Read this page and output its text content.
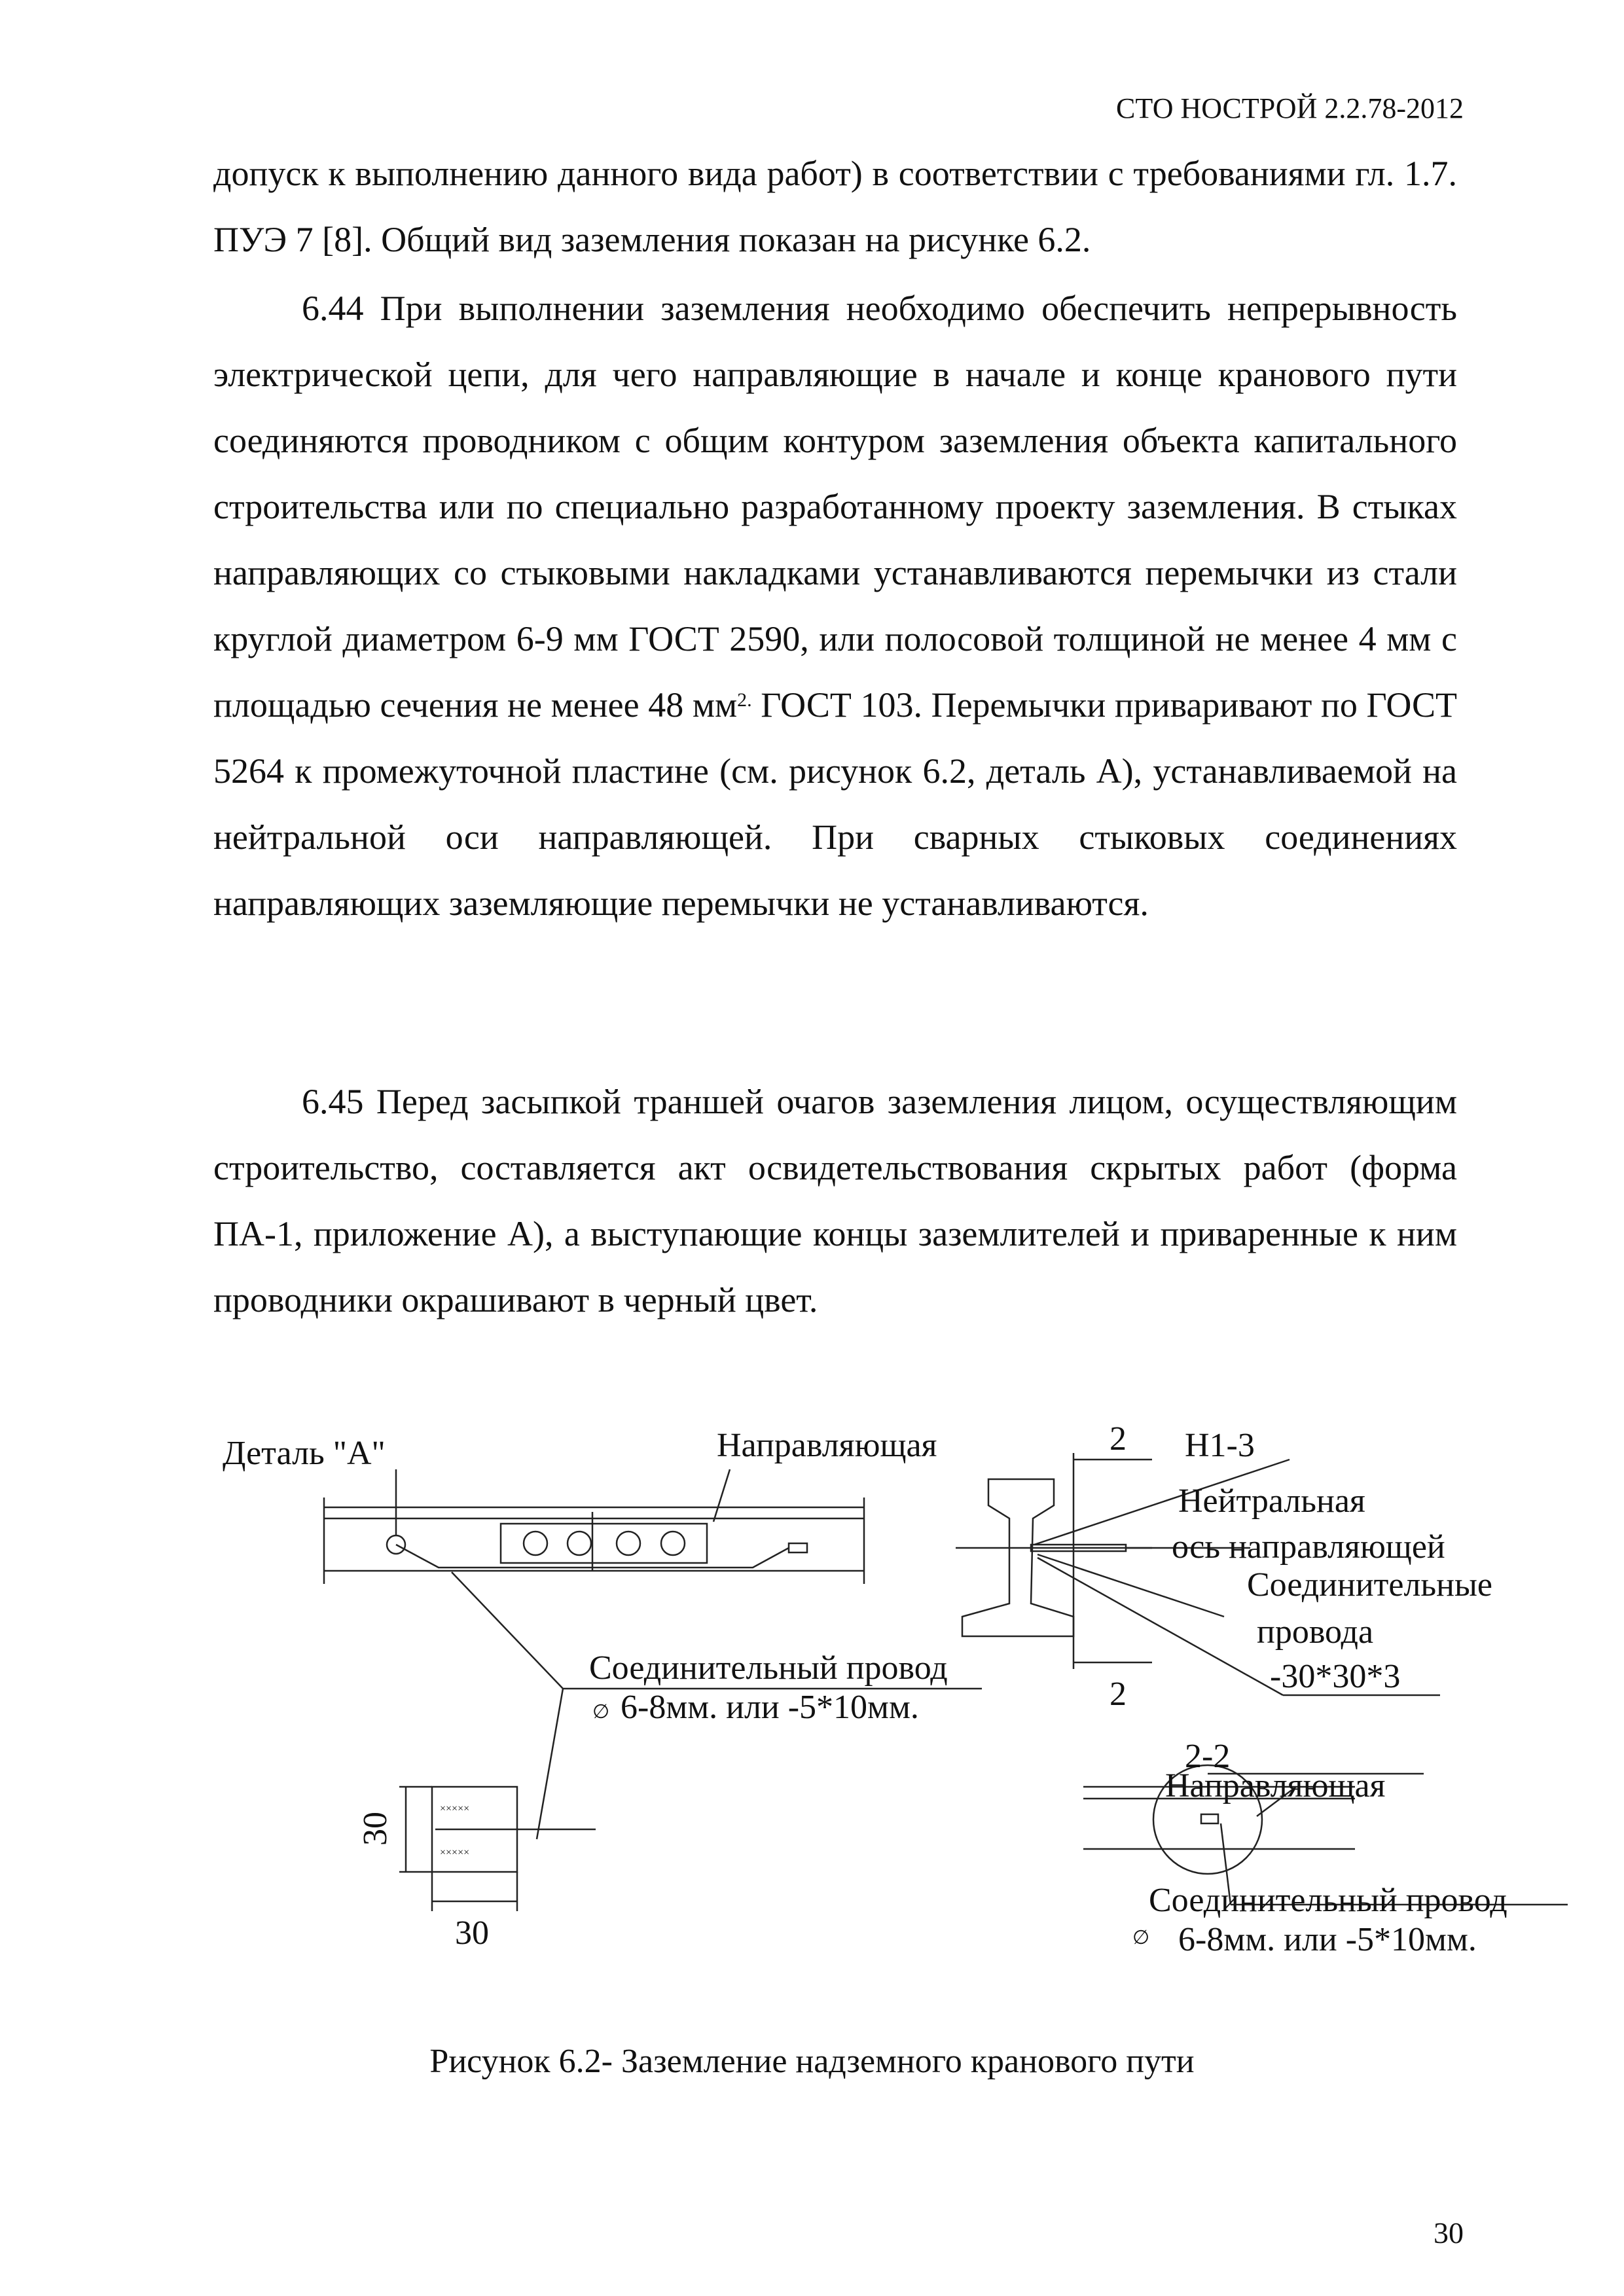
СТО НОСТРОЙ 2.2.78-2012

допуск к выполнению данного вида работ) в соответствии с требованиями гл. 1.7. ПУЭ 7 [8]. Общий вид заземления показан на рисунке 6.2.

6.44 При выполнении заземления необходимо обеспечить непрерывность электрической цепи, для чего направляющие в начале и конце кранового пути соединяются проводником с общим контуром заземления объекта капитального строительства или по специально разработанному проекту заземления. В стыках направляющих со стыковыми накладками устанавливаются перемычки из стали круглой диаметром 6-9 мм ГОСТ 2590, или полосовой толщиной не менее 4 мм с площадью сечения не менее 48 $мм^{2.}$ ГОСТ 103. Перемычки приваривают по ГОСТ 5264 к промежуточной пластине (см. рисунок 6.2, деталь А), устанавливаемой на нейтральной оси направляющей. При сварных стыковых соединениях направляющих заземляющие перемычки не устанавливаются.

6.45 Перед засыпкой траншей очагов заземления лицом, осуществляющим строительство, составляется акт освидетельствования скрытых работ (форма ПА-1, приложение А), а выступающие концы заземлителей и приваренные к ним проводники окрашивают в черный цвет.

×××××
×××××
Деталь "А"	Направляющая
Соединительный провод
∅ 6-8мм. или -5*10мм.
30
30
2
2
Н1-3
Нейтральная
ось направляющей
Соединительные
провода
-30*30*3
2-2
Направляющая
Соединительный провод
∅ 6-8мм. или -5*10мм.
Рисунок 6.2- Заземление надземного кранового пути
30
